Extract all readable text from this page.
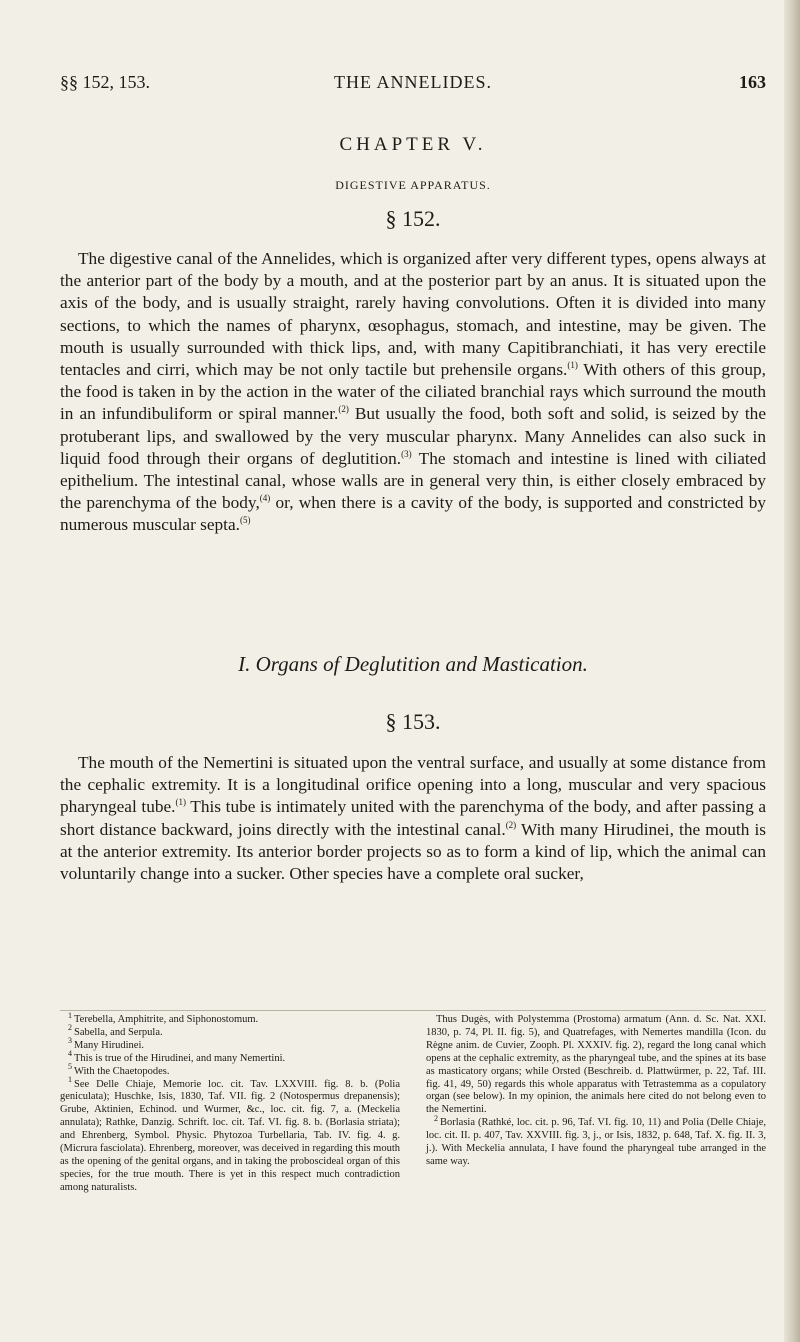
§§ 152, 153.	THE ANNELIDES.	163
CHAPTER V.
DIGESTIVE APPARATUS.
§ 152.

The digestive canal of the Annelides, which is organized after very different types, opens always at the anterior part of the body by a mouth, and at the posterior part by an anus. It is situated upon the axis of the body, and is usually straight, rarely having convolutions. Often it is divided into many sections, to which the names of pharynx, œsophagus, stomach, and intestine, may be given. The mouth is usually surrounded with thick lips, and, with many Capitibranchiati, it has very erectile tentacles and cirri, which may be not only tactile but prehensile organs.$^{(1)}$ With others of this group, the food is taken in by the action in the water of the ciliated branchial rays which surround the mouth in an infundibuliform or spiral manner.$^{(2)}$ But usually the food, both soft and solid, is seized by the protuberant lips, and swallowed by the very muscular pharynx. Many Annelides can also suck in liquid food through their organs of deglutition.$^{(3)}$ The stomach and intestine is lined with ciliated epithelium. The intestinal canal, whose walls are in general very thin, is either closely embraced by the parenchyma of the body,$^{(4)}$ or, when there is a cavity of the body, is supported and constricted by numerous muscular septa.$^{(5)}$

I. Organs of Deglutition and Mastication.
§ 153.

The mouth of the Nemertini is situated upon the ventral surface, and usually at some distance from the cephalic extremity. It is a longitudinal orifice opening into a long, muscular and very spacious pharyngeal tube.$^{(1)}$ This tube is intimately united with the parenchyma of the body, and after passing a short distance backward, joins directly with the intestinal canal.$^{(2)}$ With many Hirudinei, the mouth is at the anterior extremity. Its anterior border projects so as to form a kind of lip, which the animal can voluntarily change into a sucker. Other species have a complete oral sucker,

$^1$ Terebella, Amphitrite, and Siphonostomum.

$^2$ Sabella, and Serpula.

$^3$ Many Hirudinei.

$^4$ This is true of the Hirudinei, and many Nemertini.

$^5$ With the Chaetopodes.

$^1$ See Delle Chiaje, Memorie loc. cit. Tav. LXXVIII. fig. 8. b. (Polia geniculata); Huschke, Isis, 1830, Taf. VII. fig. 2 (Notospermus drepanensis); Grube, Aktinien, Echinod. und Wurmer, &c., loc. cit. fig. 7, a. (Meckelia annulata); Rathke, Danzig. Schrift. loc. cit. Taf. VI. fig. 8. b. (Borlasia striata); and Ehrenberg, Symbol. Physic. Phytozoa Turbellaria, Tab. IV. fig. 4. g. (Micrura fasciolata). Ehrenberg, moreover, was deceived in regarding this mouth as the opening of the genital organs, and in taking the proboscideal organ of this species, for the true mouth. There is yet in this respect much contradiction among naturalists.

Thus Dugès, with Polystemma (Prostoma) armatum (Ann. d. Sc. Nat. XXI. 1830, p. 74, Pl. II. fig. 5), and Quatrefages, with Nemertes mandilla (Icon. du Règne anim. de Cuvier, Zooph. Pl. XXXIV. fig. 2), regard the long canal which opens at the cephalic extremity, as the pharyngeal tube, and the spines at its base as masticatory organs; while Orsted (Beschreib. d. Plattwürmer, p. 22, Taf. III. fig. 41, 49, 50) regards this whole apparatus with Tetrastemma as a copulatory organ (see below). In my opinion, the animals here cited do not belong even to the Nemertini.

$^2$ Borlasia (Rathké, loc. cit. p. 96, Taf. VI. fig. 10, 11) and Polia (Delle Chiaje, loc. cit. II. p. 407, Tav. XXVIII. fig. 3, j., or Isis, 1832, p. 648, Taf. X. fig. II. 3, j.). With Meckelia annulata, I have found the pharyngeal tube arranged in the same way.
